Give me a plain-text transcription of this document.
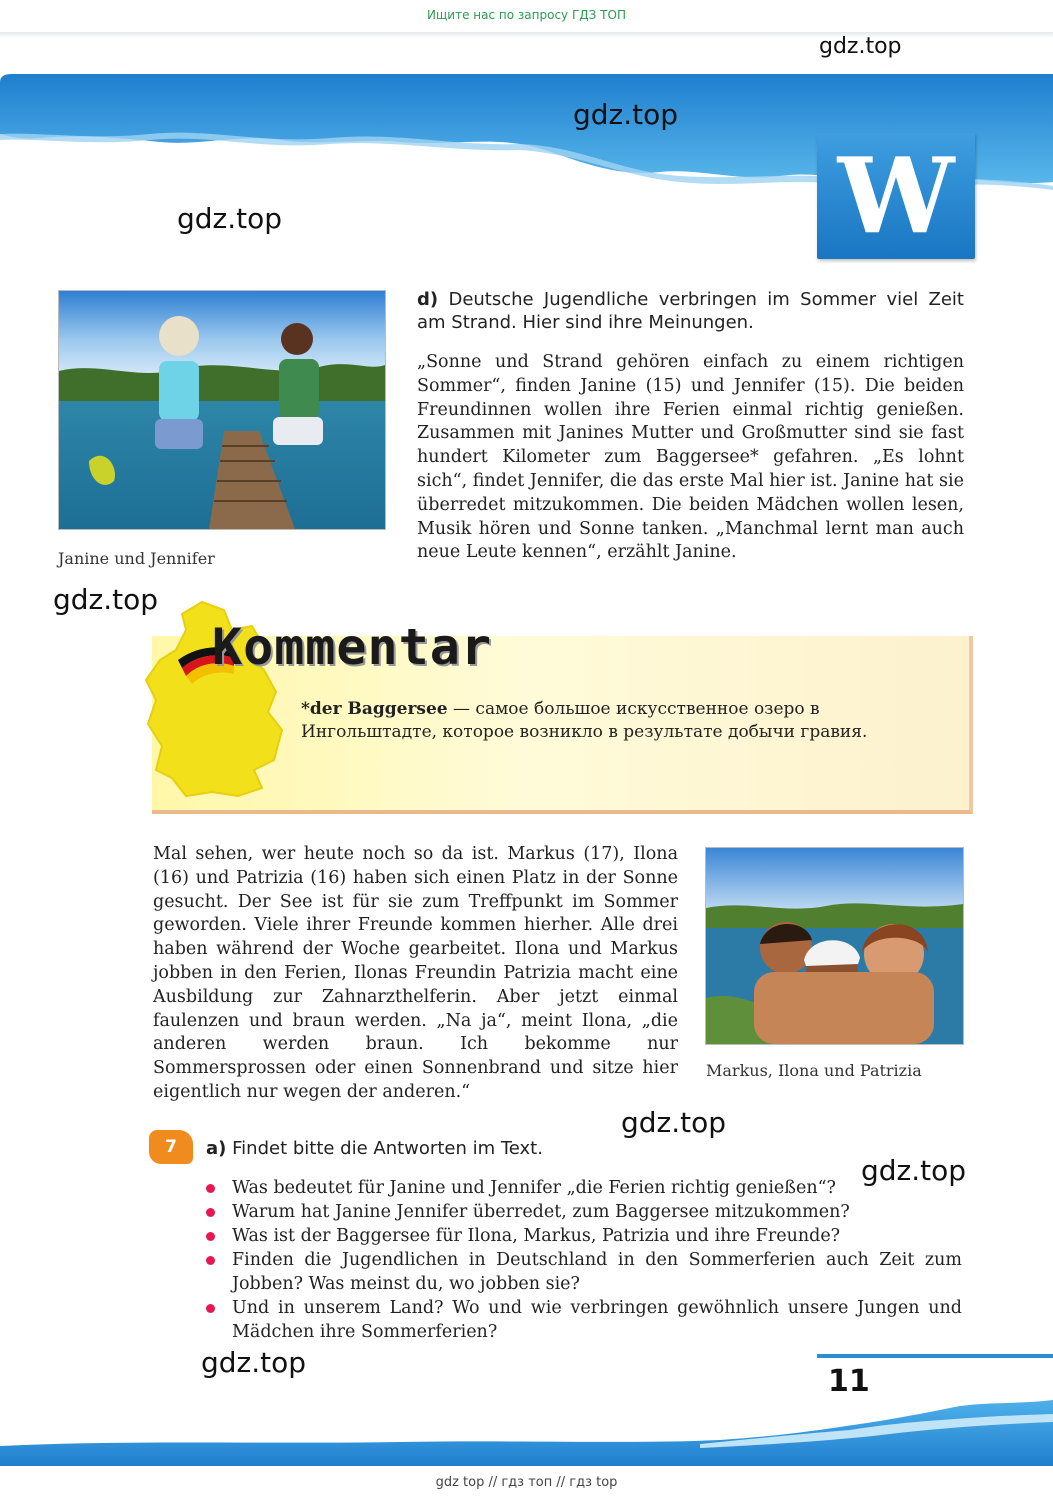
Ищите нас по запросу ГДЗ ТОП
W
gdz.top
gdz.top
gdz.top
gdz.top
gdz.top
gdz.top
gdz.top
Janine und Jennifer
d) Deutsche Jugendliche verbringen im Sommer viel Zeit am Strand. Hier sind ihre Meinungen.
„Sonne und Strand gehören einfach zu einem richtigen Sommer“, finden Janine (15) und Jennifer (15). Die beiden Freundinnen wollen ihre Ferien einmal richtig genießen. Zusammen mit Janines Mutter und Großmutter sind sie fast hundert Kilometer zum Baggersee* gefahren. „Es lohnt sich“, findet Jennifer, die das erste Mal hier ist. Janine hat sie überredet mitzukommen. Die beiden Mädchen wollen lesen, Musik hören und Sonne tanken. „Manchmal lernt man auch neue Leute kennen“, erzählt Janine.
Kommentar
*der Baggersee — самое большое искусственное озеро в Ингольштадте, которое возникло в результате добычи гравия.
Mal sehen, wer heute noch so da ist. Markus (17), Ilona (16) und Patrizia (16) haben sich einen Platz in der Sonne gesucht. Der See ist für sie zum Treffpunkt im Sommer geworden. Viele ihrer Freunde kommen hierher. Alle drei haben während der Woche gearbeitet. Ilona und Markus jobben in den Ferien, Ilonas Freundin Patrizia macht eine Ausbildung zur Zahnarzthelferin. Aber jetzt einmal faulenzen und braun werden. „Na ja“, meint Ilona, „die anderen werden braun. Ich bekomme nur Sommersprossen oder einen Sonnenbrand und sitze hier eigentlich nur wegen der anderen.“
Markus, Ilona und Patrizia
7	a) Findet bitte die Antworten im Text.
Was bedeutet für Janine und Jennifer „die Ferien richtig genießen“?
Warum hat Janine Jennifer überredet, zum Baggersee mitzukommen?
Was ist der Baggersee für Ilona, Markus, Patrizia und ihre Freunde?
Finden die Jugendlichen in Deutschland in den Sommerferien auch Zeit zum Jobben? Was meinst du, wo jobben sie?
Und in unserem Land? Wo und wie verbringen gewöhnlich unsere Jungen und Mädchen ihre Sommerferien?
11
gdz top // гдз топ // гдз top
